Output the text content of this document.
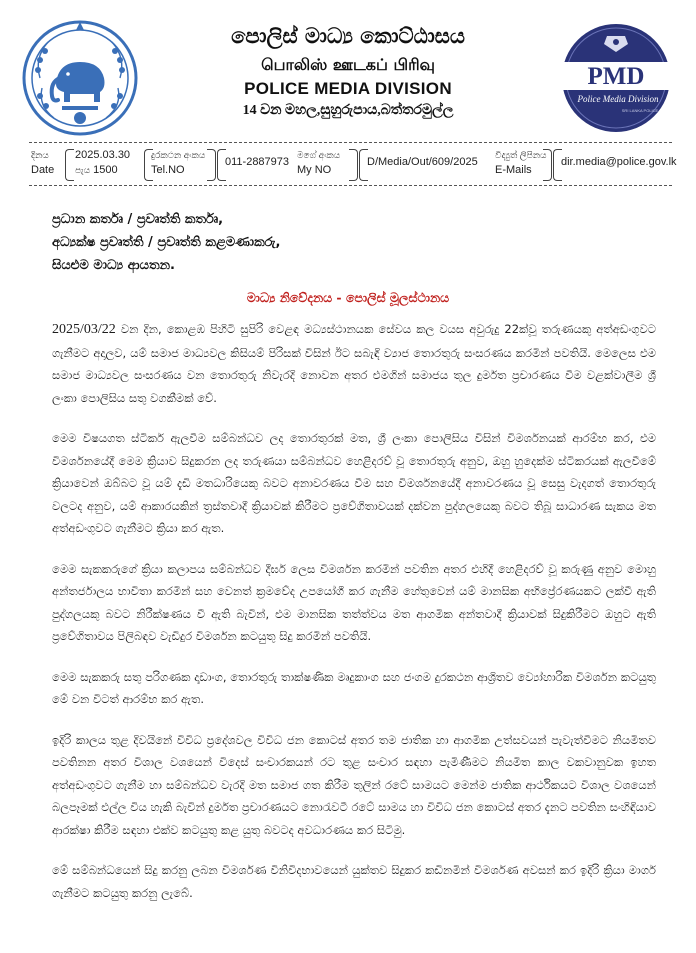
පොලිස් මාධ්‍ය කොට්ඨාසය
பொலிஸ் ஊடகப் பிரிவு
POLICE MEDIA DIVISION
14 වන මහල,සුහුරුපාය,බත්තරමුල්ල
PMD
Police Media Division
SRI LANKA POLICE
දිනය
Date
2025.03.30
පැය 1500
දුරකථන අංකය
Tel.NO
011-2887973
මගේ අංකය
My NO
D/Media/Out/609/2025
විද්‍යුත් ලිපිනය
E-Mails
dir.media@police.gov.lk
ප්‍රධාන කර්තෘ / ප්‍රවෘත්ති කර්තෘ,
අධ්‍යක්ෂ ප්‍රවෘත්ති / ප්‍රවෘත්ති කළමණාකරු,
සියළුම මාධ්‍ය ආයතන.
මාධ්‍ය නිවේදනය - පොලිස් මූලස්ථානය

2025/03/22 වන දින, කොළඹ පිහිටි සුපිරි වෙළඳ මධ්‍යස්ථානයක සේවය කල වයස අවුරුදු 22ක්වූ තරුණයකු අත්අඩංගුවට ගැනීමට අදාලව, යම් සමාජ මාධ්‍යවල කිසියම් පිරිසක් විසින් ඊට සබැඳි ව්‍යාජ තොරතුරු සංසරණය කරමින් පවතියි. මෙලෙස එම සමාජ මාධ්‍යවල සංසරණය වන තොරතුරු නිවැරදි නොවන අතර එමගින් සමාජය තුල දුර්මත ප්‍රචාරණය වීම වළක්වාලීම ශ්‍රී ලංකා පොලිසිය සතු වගකීමක් වේ.

මෙම විෂයගත ස්ටිකර් ඇලවීම සම්බන්ධව ලද තොරතුරක් මත, ශ්‍රී ලංකා පොලිසිය විසින් විමර්ශනයක් ආරම්භ කර, එම විමර්ශනයේදී මෙම ක්‍රියාව සිදුකරන ලද තරුණයා සම්බන්ධව හෙළිදරව් වූ තොරතුරු අනුව, ඔහු හුදෙක්ම ස්ටිකරයක් ඇලවීමේ ක්‍රියාවෙන් ඔබ්බට වූ යම් දැඩි මතධාරියෙකු බවට අනාවරණය වීම සහ විමර්ශනයේදී අනාවරණය වූ සෙසු වැදගත් තොරතුරු වලටද අනුව, යම් ආකාරයකින් ත්‍රස්තවාදී ක්‍රියාවක් කිරීමට ප්‍රවේගිතාවයක් දක්වන පුද්ගලයෙකු බවට තිබූ සාධාරණ සැකය මත අත්අඩංගුවට ගැනීමට ක්‍රියා කර ඇත.

මෙම සැකකරුගේ ක්‍රියා කලාපය සම්බන්ධව දීර්ඝ ලෙස විමර්ශන කරමින් පවතින අතර එහිදී හෙළිදරව් වූ කරුණු අනුව මොහු අන්තර්ජාලය භාවිතා කරමින් සහ වෙනත් ක්‍රමවේද උපයෝගී කර ගැනීම හේතුවෙන් යම් මානසික අභිප්‍රේරණයකට ලක්වී ඇති පුද්ගලයකු බවට නිරීක්ෂණය වී ඇති බැවින්, එම මානසික තත්ත්වය මත ආගමික අන්තවාදී ක්‍රියාවක් සිදුකිරීමට ඔහුට ඇති ප්‍රවේගිතාවය පිලිබඳව වැඩිදුර විමර්ශන කටයුතු සිදු කරමින් පවතියි.

මෙම සැකකරු සතු පරිගණක දෘඩාංග, තොරතුරු තාක්ෂණික මෘදුකාංග සහ ජංගම දුරකථන ආශ්‍රිතව ව්‍යෝහාරික විමර්ශන කටයුතු මේ වන විටත් ආරම්භ කර ඇත.

ඉදිරි කාලය තුළ දිවයිනේ විවිධ ප්‍රදේශවල විවිධ ජන කොටස් අතර තම ජාතික හා ආගමික උත්සවයන් පැවැත්වීමට නියමිතව පවතිනන අතර විශාල වශයෙන් විදෙස් සංචාරකයන් රට තුළ සංචාර සඳහා පැමිණීමට නියමිත කාල වකවානුවක ඉහත අත්අඩංගුවට ගැනීම හා සම්බන්ධව වැරදි මත සමාජ ගත කිරීම තුලින් රටේ සාමයට මෙන්ම ජාතික ආර්ථිකයට විශාල වශයෙන් බලපෑමක් එල්ල විය හැකි බැවින් දුර්මත ප්‍රචාරණයට නොරැවටී රටේ සාමය හා විවිධ ජන කොටස් අතර දැනට පවතින සංහිඳියාව ආරක්ෂා කිරීම සඳහා එක්ව කටයුතු කළ යුතු බවටද අවධාරණය කර සිටිමු.

මේ සම්බන්ධයෙන් සිදු කරනු ලබන විමර්ශණ විනිවිදභාවයෙන් යුක්තව සිදුකර කඩිනමින් විමර්ශණ අවසන් කර ඉදිරි ක්‍රියා මාර්ග ගැනීමට කටයුතු කරනු ලැබේ.
